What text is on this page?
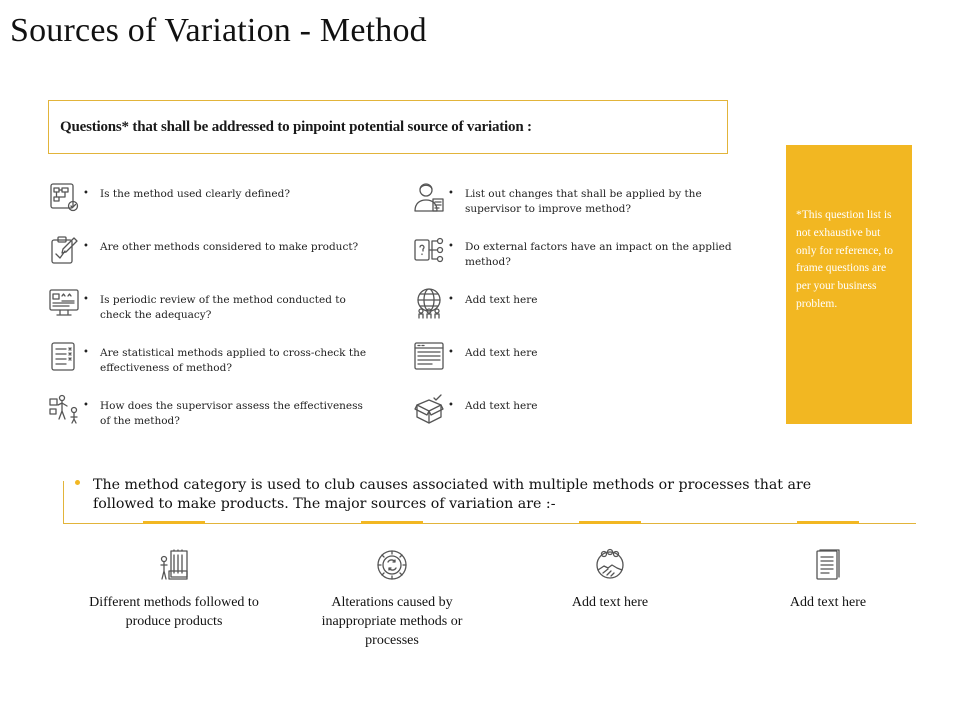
Sources of Variation - Method
Questions* that shall be addressed to pinpoint potential source of variation :
*This question list is not exhaustive but only for reference, to frame questions are per your business problem.
• Is the method used clearly defined?
• Are other methods considered to make product?
• Is periodic review of the method conducted to check the adequacy?
• Are statistical methods applied to cross-check the effectiveness of method?
• How does the supervisor assess the effectiveness of the method?
• List out changes that shall be applied by the supervisor to improve method?
• Do external factors have an impact on the applied method?
• Add text here
• Add text here
• Add text here
The method category is used to club causes associated with multiple methods or processes that are followed to make products. The major sources of variation are :-
Different methods followed to produce products
Alterations caused by inappropriate methods or processes
Add text here	Add text here
